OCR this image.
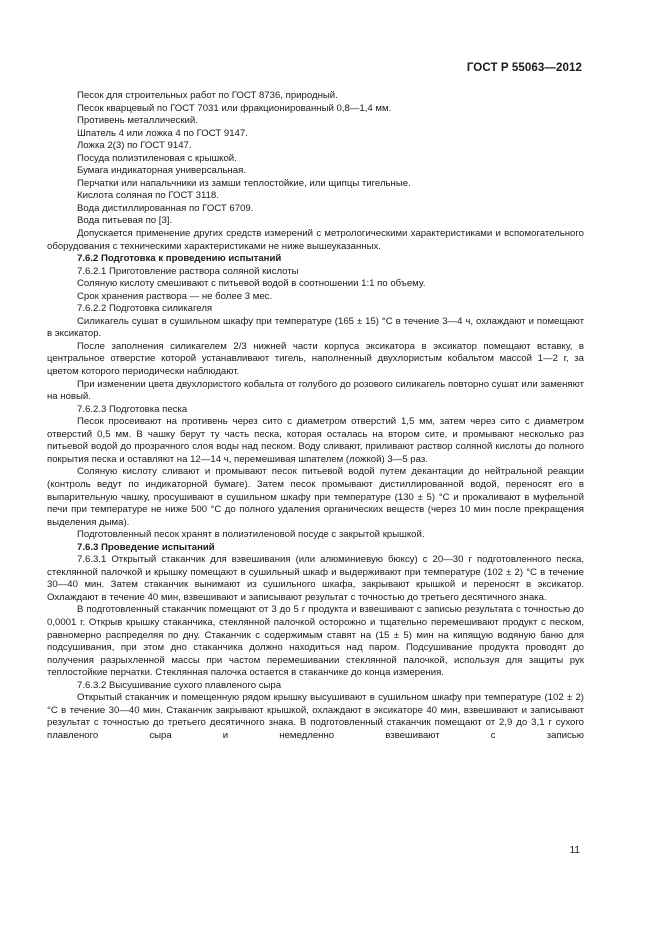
ГОСТ Р 55063—2012

Песок для строительных работ по ГОСТ 8736, природный.

Песок кварцевый по ГОСТ 7031 или фракционированный 0,8—1,4 мм.

Противень металлический.

Шпатель 4 или ложка 4 по ГОСТ 9147.

Ложка 2(3) по ГОСТ 9147.

Посуда полиэтиленовая с крышкой.

Бумага индикаторная универсальная.

Перчатки или напальчники из замши теплостойкие, или щипцы тигельные.

Кислота соляная по ГОСТ 3118.

Вода дистиллированная по ГОСТ 6709.

Вода питьевая по [3].

Допускается применение других средств измерений с метрологическими характеристиками и вспомогательного оборудования с техническими характеристиками не ниже вышеуказанных.

7.6.2 Подготовка к проведению испытаний

7.6.2.1 Приготовление раствора соляной кислоты

Соляную кислоту смешивают с питьевой водой в соотношении 1:1 по объему.

Срок хранения раствора — не более 3 мес.

7.6.2.2 Подготовка силикагеля

Силикагель сушат в сушильном шкафу при температуре (165 ± 15) °С в течение 3—4 ч, охлаждают и помещают в эксикатор.

После заполнения силикагелем 2/3 нижней части корпуса эксикатора в эксикатор помещают вставку, в центральное отверстие которой устанавливают тигель, наполненный двухлористым кобальтом массой 1—2 г, за цветом которого периодически наблюдают.

При изменении цвета двухлористого кобальта от голубого до розового силикагель повторно сушат или заменяют на новый.

7.6.2.3 Подготовка песка

Песок просеивают на противень через сито с диаметром отверстий 1,5 мм, затем через сито с диаметром отверстий 0,5 мм. В чашку берут ту часть песка, которая осталась на втором сите, и промывают несколько раз питьевой водой до прозрачного слоя воды над песком. Воду сливают, приливают раствор соляной кислоты до полного покрытия песка и оставляют на 12—14 ч, перемешивая шпателем (ложкой) 3—5 раз.

Соляную кислоту сливают и промывают песок питьевой водой путем декантации до нейтральной реакции (контроль ведут по индикаторной бумаге). Затем песок промывают дистиллированной водой, переносят его в выпарительную чашку, просушивают в сушильном шкафу при температуре (130 ± 5) °С и прокаливают в муфельной печи при температуре не ниже 500 °С до полного удаления органических веществ (через 10 мин после прекращения выделения дыма).

Подготовленный песок хранят в полиэтиленовой посуде с закрытой крышкой.

7.6.3 Проведение испытаний

7.6.3.1 Открытый стаканчик для взвешивания (или алюминиевую бюксу) с 20—30 г подготовленного песка, стеклянной палочкой и крышку помещают в сушильный шкаф и выдерживают при температуре (102 ± 2) °С в течение 30—40 мин. Затем стаканчик вынимают из сушильного шкафа, закрывают крышкой и переносят в эксикатор. Охлаждают в течение 40 мин, взвешивают и записывают результат с точностью до третьего десятичного знака.

В подготовленный стаканчик помещают от 3 до 5 г продукта и взвешивают с записью результата с точностью до 0,0001 г. Открыв крышку стаканчика, стеклянной палочкой осторожно и тщательно перемешивают продукт с песком, равномерно распределяя по дну. Стаканчик с содержимым ставят на (15 ± 5) мин на кипящую водяную баню для подсушивания, при этом дно стаканчика должно находиться над паром. Подсушивание продукта проводят до получения разрыхленной массы при частом перемешивании стеклянной палочкой, используя для защиты рук теплостойкие перчатки. Стеклянная палочка остается в стаканчике до конца измерения.

7.6.3.2 Высушивание сухого плавленого сыра

Открытый стаканчик и помещенную рядом крышку высушивают в сушильном шкафу при температуре (102 ± 2) °С в течение 30—40 мин. Стаканчик закрывают крышкой, охлаждают в эксикаторе 40 мин, взвешивают и записывают результат с точностью до третьего десятичного знака. В подготовленный стаканчик помещают от 2,9 до 3,1 г сухого плавленого сыра и немедленно взвешивают с записью

11
